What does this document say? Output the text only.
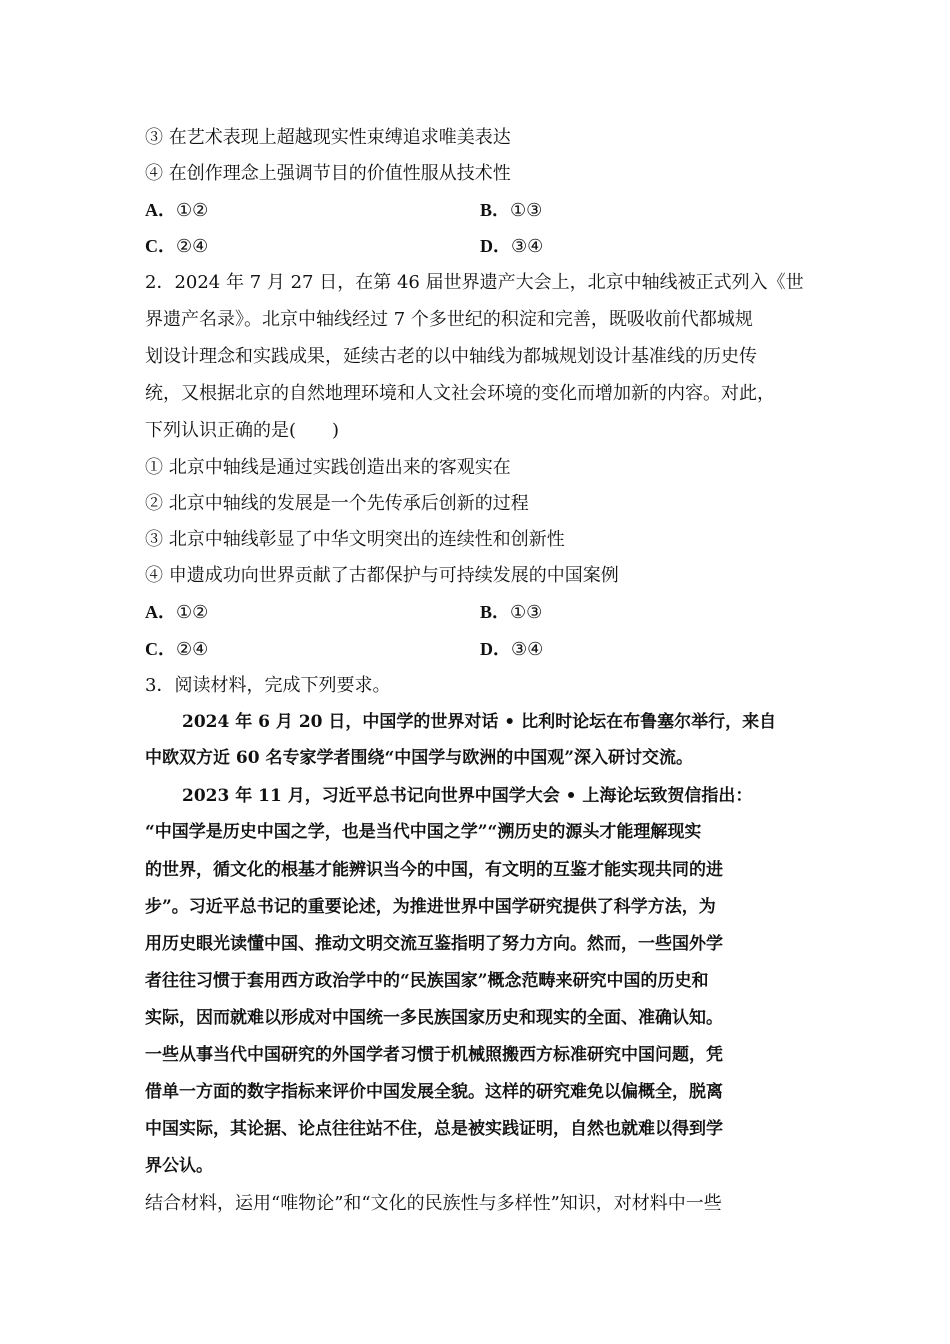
③ 在艺术表现上超越现实性束缚追求唯美表达
④ 在创作理念上强调节目的价值性服从技术性
A．①②	B．①③
C．②④	D．③④
2．2024 年 7 月 27 日，在第 46 届世界遗产大会上，北京中轴线被正式列入《世
界遗产名录》。北京中轴线经过 7 个多世纪的积淀和完善，既吸收前代都城规
划设计理念和实践成果，延续古老的以中轴线为都城规划设计基准线的历史传
统，又根据北京的自然地理环境和人文社会环境的变化而增加新的内容。对此，
下列认识正确的是(　　)
① 北京中轴线是通过实践创造出来的客观实在
② 北京中轴线的发展是一个先传承后创新的过程
③ 北京中轴线彰显了中华文明突出的连续性和创新性
④ 申遗成功向世界贡献了古都保护与可持续发展的中国案例
A．①②	B．①③
C．②④	D．③④
3．阅读材料，完成下列要求。
2024 年 6 月 20 日，中国学的世界对话 • 比利时论坛在布鲁塞尔举行，来自
中欧双方近 60 名专家学者围绕“中国学与欧洲的中国观”深入研讨交流。
2023 年 11 月，习近平总书记向世界中国学大会 • 上海论坛致贺信指出：
“中国学是历史中国之学，也是当代中国之学”“溯历史的源头才能理解现实
的世界，循文化的根基才能辨识当今的中国，有文明的互鉴才能实现共同的进
步”。习近平总书记的重要论述，为推进世界中国学研究提供了科学方法，为
用历史眼光读懂中国、推动文明交流互鉴指明了努力方向。然而，一些国外学
者往往习惯于套用西方政治学中的“民族国家”概念范畴来研究中国的历史和
实际，因而就难以形成对中国统一多民族国家历史和现实的全面、准确认知。
一些从事当代中国研究的外国学者习惯于机械照搬西方标准研究中国问题，凭
借单一方面的数字指标来评价中国发展全貌。这样的研究难免以偏概全，脱离
中国实际，其论据、论点往往站不住，总是被实践证明，自然也就难以得到学
界公认。
结合材料，运用“唯物论”和“文化的民族性与多样性”知识，对材料中一些
